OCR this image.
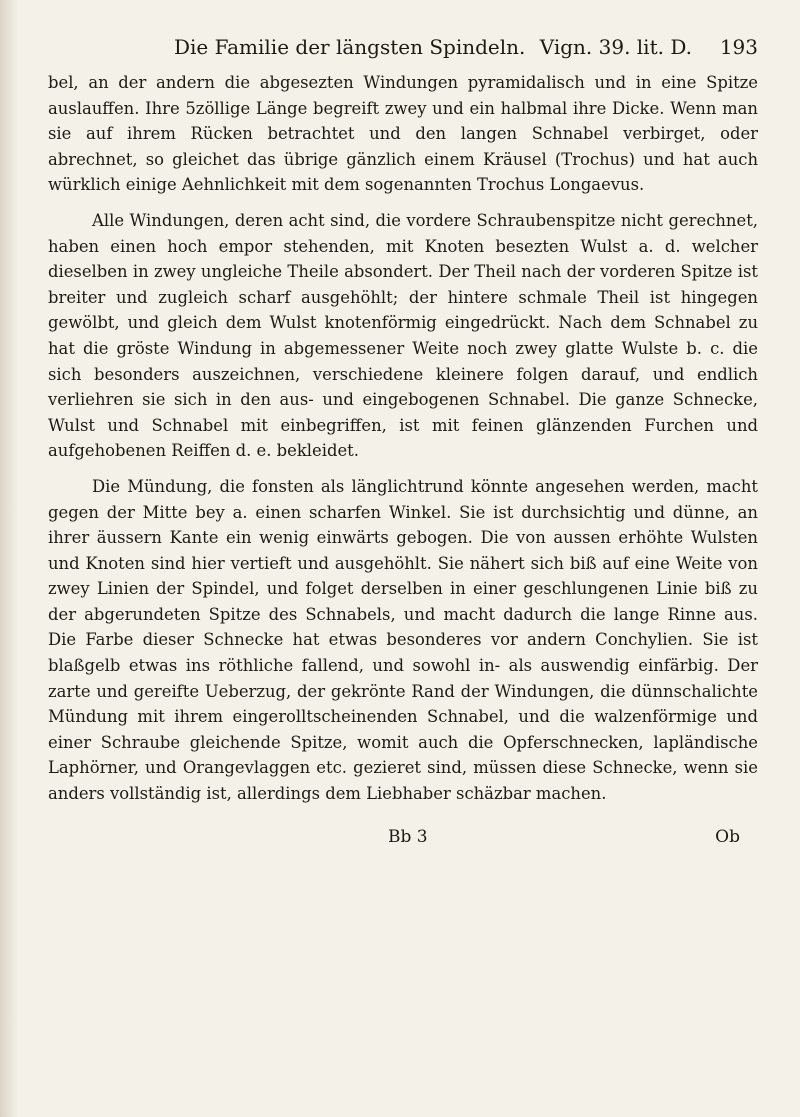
Die Familie der längsten Spindeln. Vign. 39. lit. D. 193

bel, an der andern die abgesezten Windungen pyramidalisch und in eine Spitze auslauffen. Ihre 5zöllige Länge begreift zwey und ein halbmal ihre Dicke. Wenn man sie auf ihrem Rücken betrachtet und den langen Schnabel verbirget, oder abrechnet, so gleichet das übrige gänzlich einem Kräusel (Trochus) und hat auch würklich einige Aehnlichkeit mit dem sogenannten Trochus Longaevus.

Alle Windungen, deren acht sind, die vordere Schraubenspitze nicht gerechnet, haben einen hoch empor stehenden, mit Knoten besezten Wulst a. d. welcher dieselben in zwey ungleiche Theile absondert. Der Theil nach der vorderen Spitze ist breiter und zugleich scharf ausgehöhlt; der hintere schmale Theil ist hingegen gewölbt, und gleich dem Wulst knotenförmig eingedrückt. Nach dem Schnabel zu hat die gröste Windung in abgemessener Weite noch zwey glatte Wulste b. c. die sich besonders auszeichnen, verschiedene kleinere folgen darauf, und endlich verliehren sie sich in den aus- und eingebogenen Schnabel. Die ganze Schnecke, Wulst und Schnabel mit einbegriffen, ist mit feinen glänzenden Furchen und aufgehobenen Reiffen d. e. bekleidet.

Die Mündung, die fonsten als länglichtrund könnte angesehen werden, macht gegen der Mitte bey a. einen scharfen Winkel. Sie ist durchsichtig und dünne, an ihrer äussern Kante ein wenig einwärts gebogen. Die von aussen erhöhte Wulsten und Knoten sind hier vertieft und ausgehöhlt. Sie nähert sich biß auf eine Weite von zwey Linien der Spindel, und folget derselben in einer geschlungenen Linie biß zu der abgerundeten Spitze des Schnabels, und macht dadurch die lange Rinne aus. Die Farbe dieser Schnecke hat etwas besonderes vor andern Conchylien. Sie ist blaßgelb etwas ins röthliche fallend, und sowohl in- als auswendig einfärbig. Der zarte und gereifte Ueberzug, der gekrönte Rand der Windungen, die dünnschalichte Mündung mit ihrem eingerolltscheinenden Schnabel, und die walzenförmige und einer Schraube gleichende Spitze, womit auch die Opferschnecken, lapländische Laphörner, und Orangevlaggen etc. gezieret sind, müssen diese Schnecke, wenn sie anders vollständig ist, allerdings dem Liebhaber schäzbar machen.

Bb 3	Ob
